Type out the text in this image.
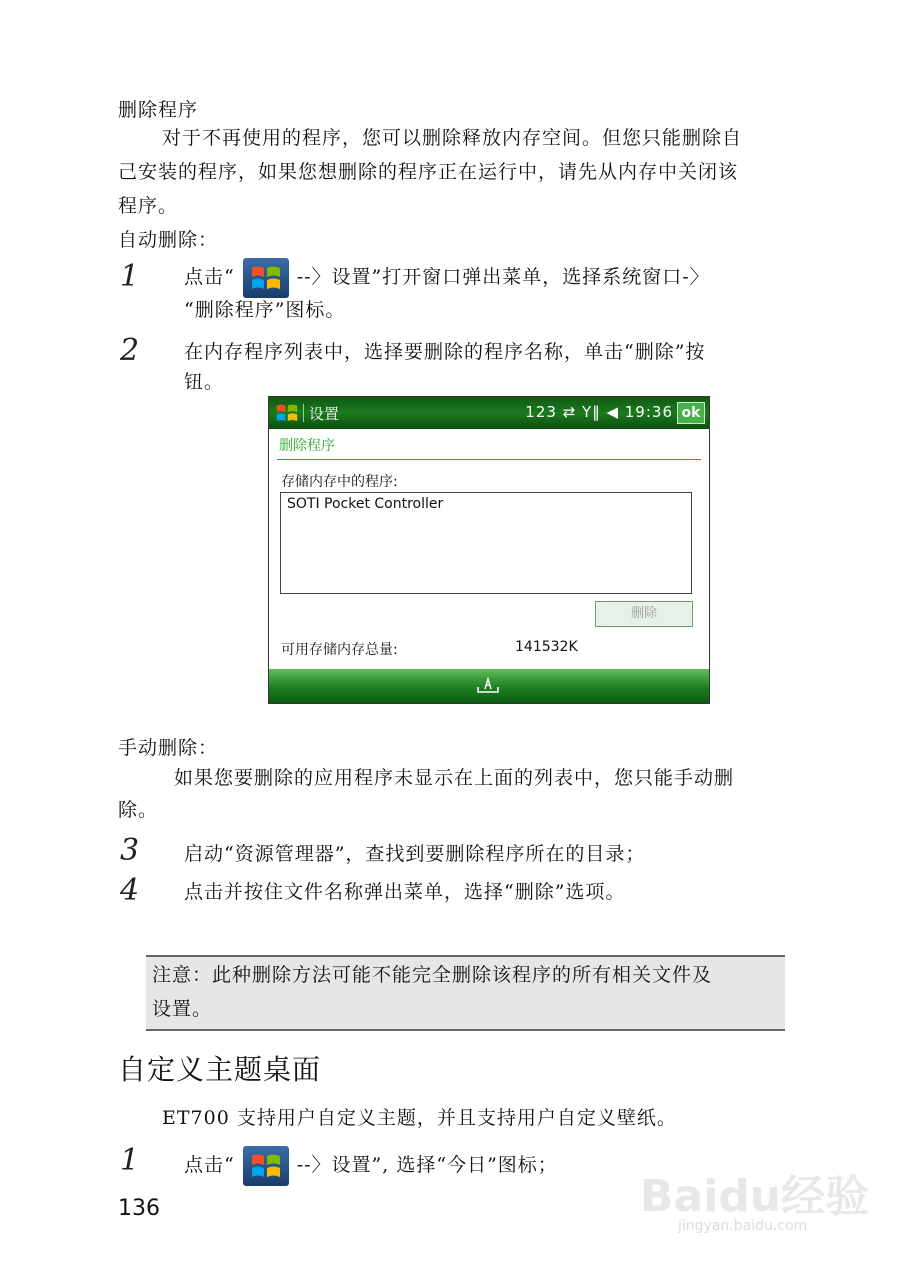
删除程序
对于不再使用的程序，您可以删除释放内存空间。但您只能删除自
己安装的程序，如果您想删除的程序正在运行中，请先从内存中关闭该
程序。
自动删除：
1 点击“	--〉设置”打开窗口弹出菜单，选择系统窗口-〉
“删除程序”图标。
2 在内存程序列表中，选择要删除的程序名称，单击“删除”按
钮。
设置	123 ⇄ Y‖ ◀ 19:36 ok
删除程序
存储内存中的程序:
SOTI Pocket Controller
删除
可用存储内存总量:	141532K
手动删除：
如果您要删除的应用程序未显示在上面的列表中，您只能手动删
除。
3 启动“资源管理器”，查找到要删除程序所在的目录；
4 点击并按住文件名称弹出菜单，选择“删除”选项。
注意：此种删除方法可能不能完全删除该程序的所有相关文件及
设置。
自定义主题桌面
ET700 支持用户自定义主题，并且支持用户自定义壁纸。
1 点击“	--〉设置”, 选择“今日”图标；
136	Baidu经验
jingyan.baidu.com
